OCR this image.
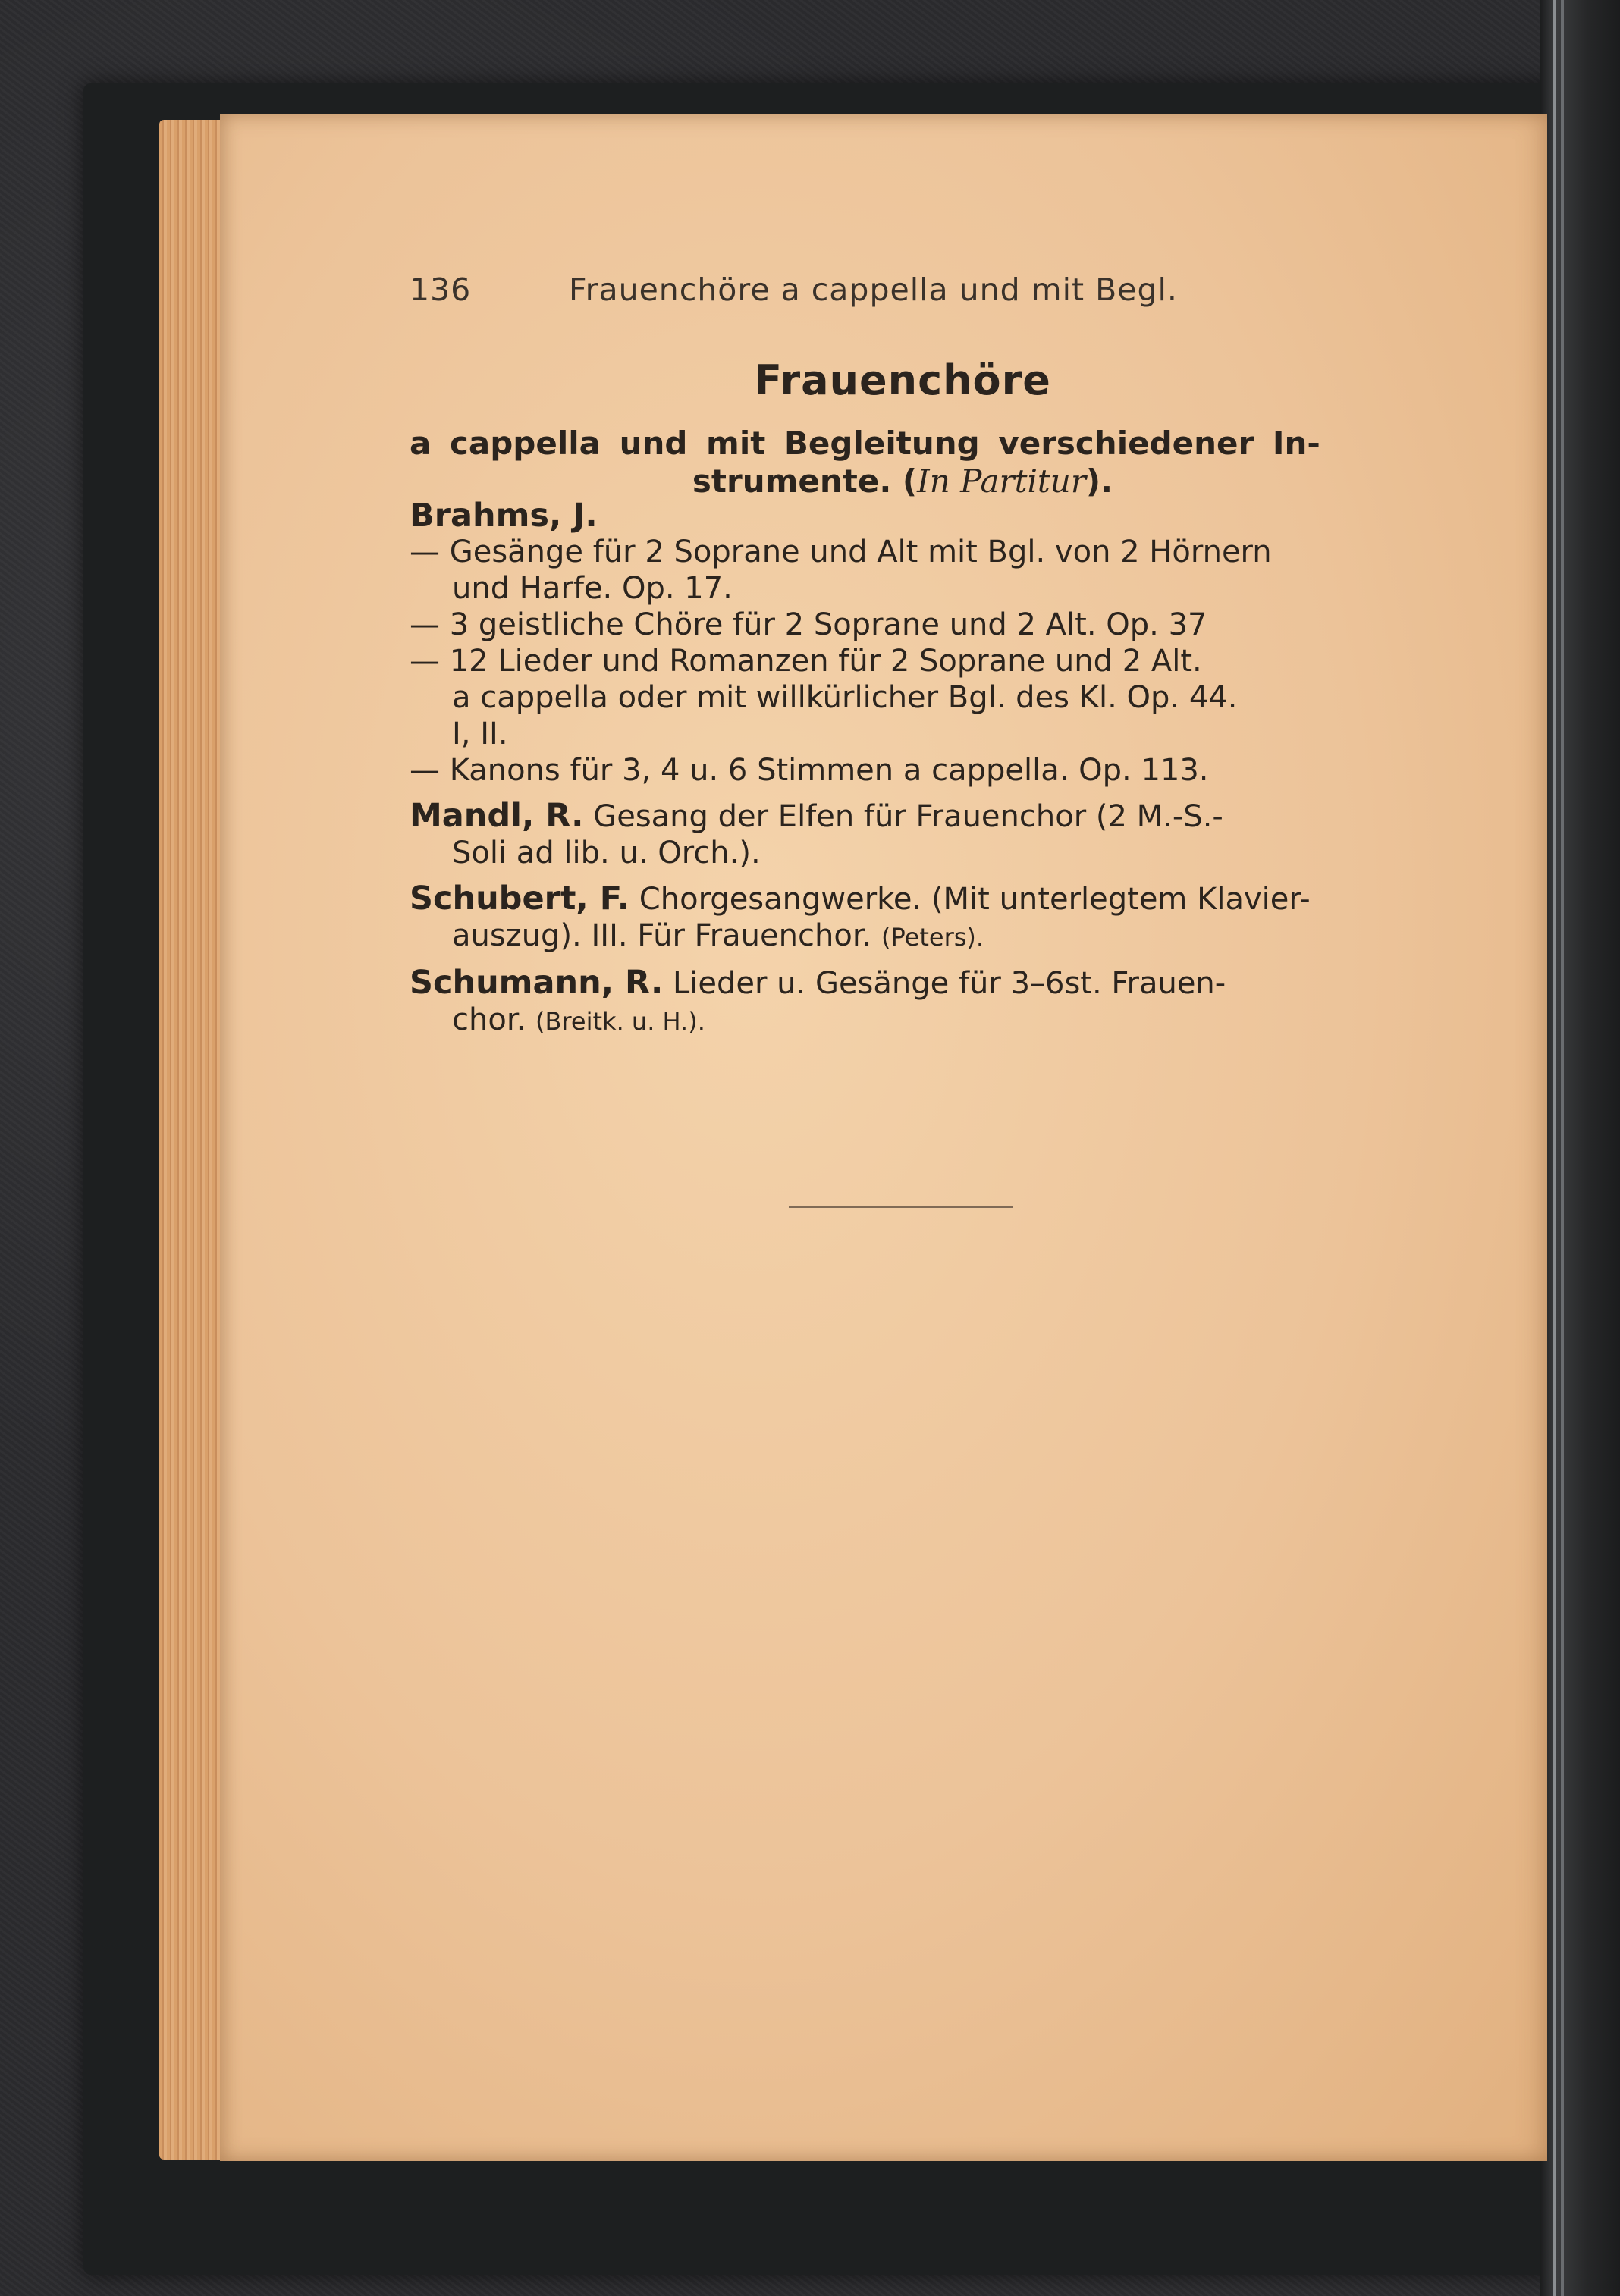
136	Frauenchöre a cappella und mit Begl.
Frauenchöre
a cappella und mit Begleitung verschiedener In-
strumente. (In Partitur).
Brahms, J.
— Gesänge für 2 Soprane und Alt mit Bgl. von 2 Hörnern
und Harfe. Op. 17.
— 3 geistliche Chöre für 2 Soprane und 2 Alt. Op. 37
— 12 Lieder und Romanzen für 2 Soprane und 2 Alt.
a cappella oder mit willkürlicher Bgl. des Kl. Op. 44.
I, II.
— Kanons für 3, 4 u. 6 Stimmen a cappella. Op. 113.
Mandl, R. Gesang der Elfen für Frauenchor (2 M.-S.-
Soli ad lib. u. Orch.).
Schubert, F. Chorgesangwerke. (Mit unterlegtem Klavier-
auszug). III. Für Frauenchor. (Peters).
Schumann, R. Lieder u. Gesänge für 3–6st. Frauen-
chor. (Breitk. u. H.).
